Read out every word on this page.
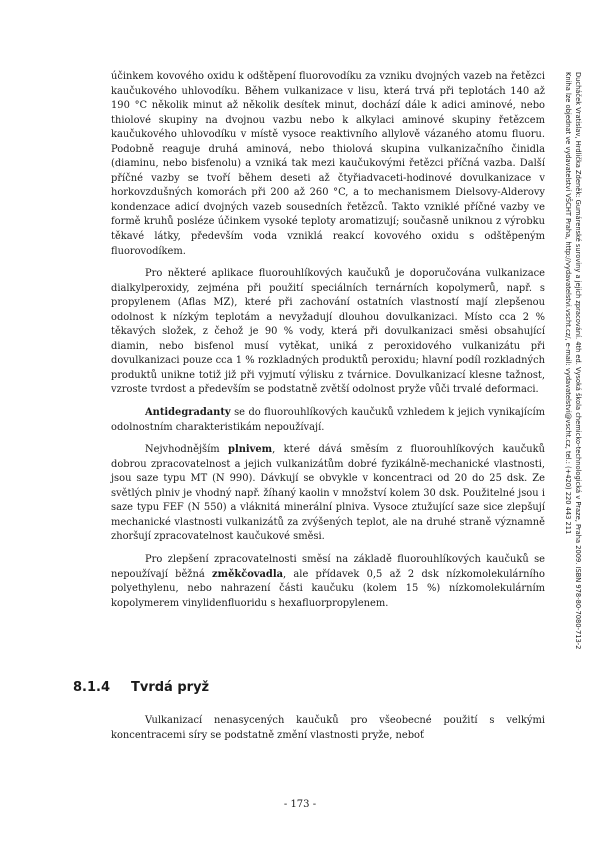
účinkem kovového oxidu k odštěpení fluorovodíku za vzniku dvojných vazeb na řetězci kaučukového uhlovodíku. Během vulkanizace v lisu, která trvá při teplotách 140 až 190 °C několik minut až několik desítek minut, dochází dále k adici aminové, nebo thiolové skupiny na dvojnou vazbu nebo k alkylaci aminové skupiny řetězcem kaučukového uhlovodíku v místě vysoce reaktivního allylově vázaného atomu fluoru. Podobně reaguje druhá aminová, nebo thiolová skupina vulkanizačního činidla (diaminu, nebo bisfenolu) a vzniká tak mezi kaučukovými řetězci příčná vazba. Další příčné vazby se tvoří během deseti až čtyřiadvaceti-hodinové dovulkanizace v horkovzdušných komorách při 200 až 260 °C, a to mechanismem Dielsovy-Alderovy kondenzace adicí dvojných vazeb sousedních řetězců. Takto vzniklé příčné vazby ve formě kruhů posléze účinkem vysoké teploty aromatizují; současně uniknou z výrobku těkavé látky, především voda vzniklá reakcí kovového oxidu s odštěpeným fluorovodíkem.

Pro některé aplikace fluorouhlíkových kaučuků je doporučována vulkanizace dialkylperoxidy, zejména při použití speciálních ternárních kopolymerů, např. s propylenem (Aflas MZ), které při zachování ostatních vlastností mají zlepšenou odolnost k nízkým teplotám a nevyžadují dlouhou dovulkanizaci. Místo cca 2 % těkavých složek, z čehož je 90 % vody, která při dovulkanizaci směsi obsahující diamin, nebo bisfenol musí vytěkat, uniká z peroxidového vulkanizátu při dovulkanizaci pouze cca 1 % rozkladných produktů peroxidu; hlavní podíl rozkladných produktů unikne totiž již při vyjmutí výlisku z tvárnice. Dovulkanizací klesne tažnost, vzroste tvrdost a především se podstatně zvětší odolnost pryže vůči trvalé deformaci.

Antidegradanty se do fluorouhlíkových kaučuků vzhledem k jejich vynikajícím odolnostním charakteristikám nepoužívají.

Nejvhodnějším plnivem, které dává směsím z fluorouhlíkových kaučuků dobrou zpracovatelnost a jejich vulkanizátům dobré fyzikálně-mechanické vlastnosti, jsou saze typu MT (N 990). Dávkují se obvykle v koncentraci od 20 do 25 dsk. Ze světlých plniv je vhodný např. žíhaný kaolin v množství kolem 30 dsk. Použitelné jsou i saze typu FEF (N 550) a vláknitá minerální plniva. Vysoce ztužující saze sice zlepšují mechanické vlastnosti vulkanizátů za zvýšených teplot, ale na druhé straně významně zhoršují zpracovatelnost kaučukové směsi.

Pro zlepšení zpracovatelnosti směsí na základě fluorouhlíkových kaučuků se nepoužívají běžná změkčovadla, ale přídavek 0,5 až 2 dsk nízkomolekulárního polyethylenu, nebo nahrazení části kaučuku (kolem 15 %) nízkomolekulárním kopolymerem vinylidenfluoridu s hexafluorpropylenem.

8.1.4 Tvrdá pryž

Vulkanizací nenasycených kaučuků pro všeobecné použití s velkými koncentracemi síry se podstatně změní vlastnosti pryže, neboť

- 173 -
Ducháček Vratislav, Hrdlička Zdeněk: Gumárenské suroviny a jejich zpracování. 4th ed. Vysoká škola chemicko-technologická v Praze, Praha 2009. ISBN 978-80-7080-713-2
Kniha lze objednat ve vydavatelství VŠCHT Praha, http://vydavatelstvi.vscht.cz/, e-mail: vydavatelstvi@vscht.cz, tel.: (+420) 220 443 211
